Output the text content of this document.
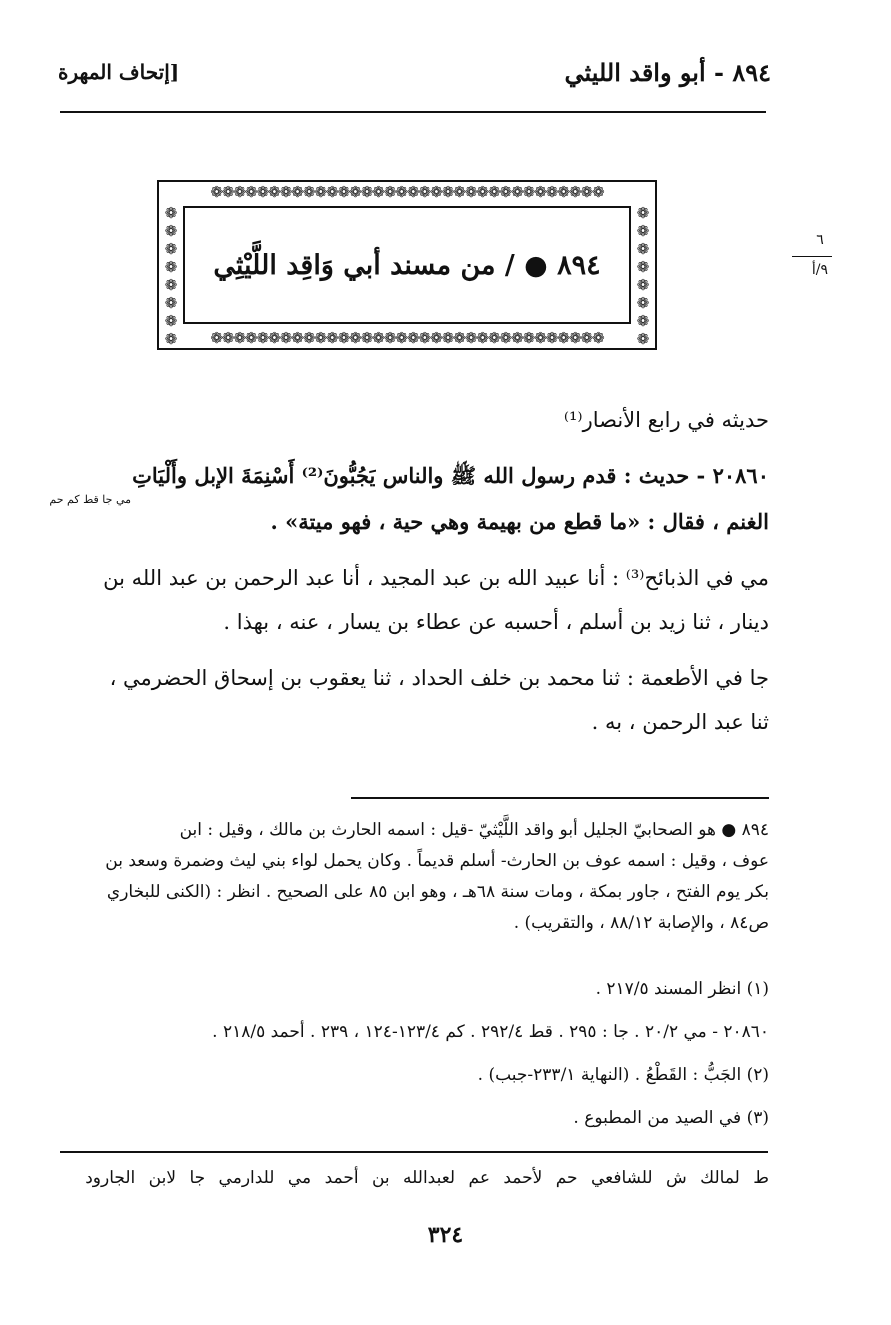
٨٩٤ - أبو واقد الليثي
[إتحاف المهرة
٦
٩/أ
❁❁❁❁❁❁❁❁❁❁❁❁❁❁❁❁❁❁❁❁❁❁❁❁❁❁❁❁❁❁❁❁❁❁
❁❁❁❁❁❁❁❁❁❁❁❁❁❁❁❁❁❁❁❁❁❁❁❁❁❁❁❁❁❁❁❁❁❁
❁❁❁❁❁❁❁❁	❁❁❁❁❁❁❁❁
٨٩٤ ● / من مسند أبي وَاقِد اللَّيْثِي
حديثه في رابع الأنصار⁽¹⁾
٢٠٨٦٠ - حديث : قدم رسول الله ﷺ والناس يَجُبُّونَ⁽²⁾ أَسْنِمَةَ الإبل وأَلْيَاتِ
مي جا قط كم حم
الغنم ، فقال : «ما قطع من بهيمة وهي حية ، فهو ميتة» .
مي في الذبائح⁽³⁾ : أنا عبيد الله بن عبد المجيد ، أنا عبد الرحمن بن عبد الله بن
دينار ، ثنا زيد بن أسلم ، أحسبه عن عطاء بن يسار ، عنه ، بهذا .
جا في الأطعمة : ثنا محمد بن خلف الحداد ، ثنا يعقوب بن إسحاق الحضرمي ،
ثنا عبد الرحمن ، به .
٨٩٤ ● هو الصحابيّ الجليل أبو واقد اللَّيْثيّ -قيل : اسمه الحارث بن مالك ، وقيل : ابن
عوف ، وقيل : اسمه عوف بن الحارث- أسلم قديماً . وكان يحمل لواء بني ليث وضمرة وسعد بن
بكر يوم الفتح ، جاور بمكة ، ومات سنة ٦٨هـ ، وهو ابن ٨٥ على الصحيح . انظر : (الكنى للبخاري
ص٨٤ ، والإصابة ٨٨/١٢ ، والتقريب) .
(١) انظر المسند ٢١٧/٥ .
٢٠٨٦٠ - مي ٢٠/٢ . جا : ٢٩٥ . قط ٢٩٢/٤ . كم ١٢٣/٤-١٢٤ ، ٢٣٩ . أحمد ٢١٨/٥ .
(٢) الجَبُّ : القَطْعُ . (النهاية ٢٣٣/١-جبب) .
(٣) في الصيد من المطبوع .
ط لمالك ش للشافعي حم لأحمد عم لعبدالله بن أحمد مي للدارمي جا لابن الجارود
٣٢٤
